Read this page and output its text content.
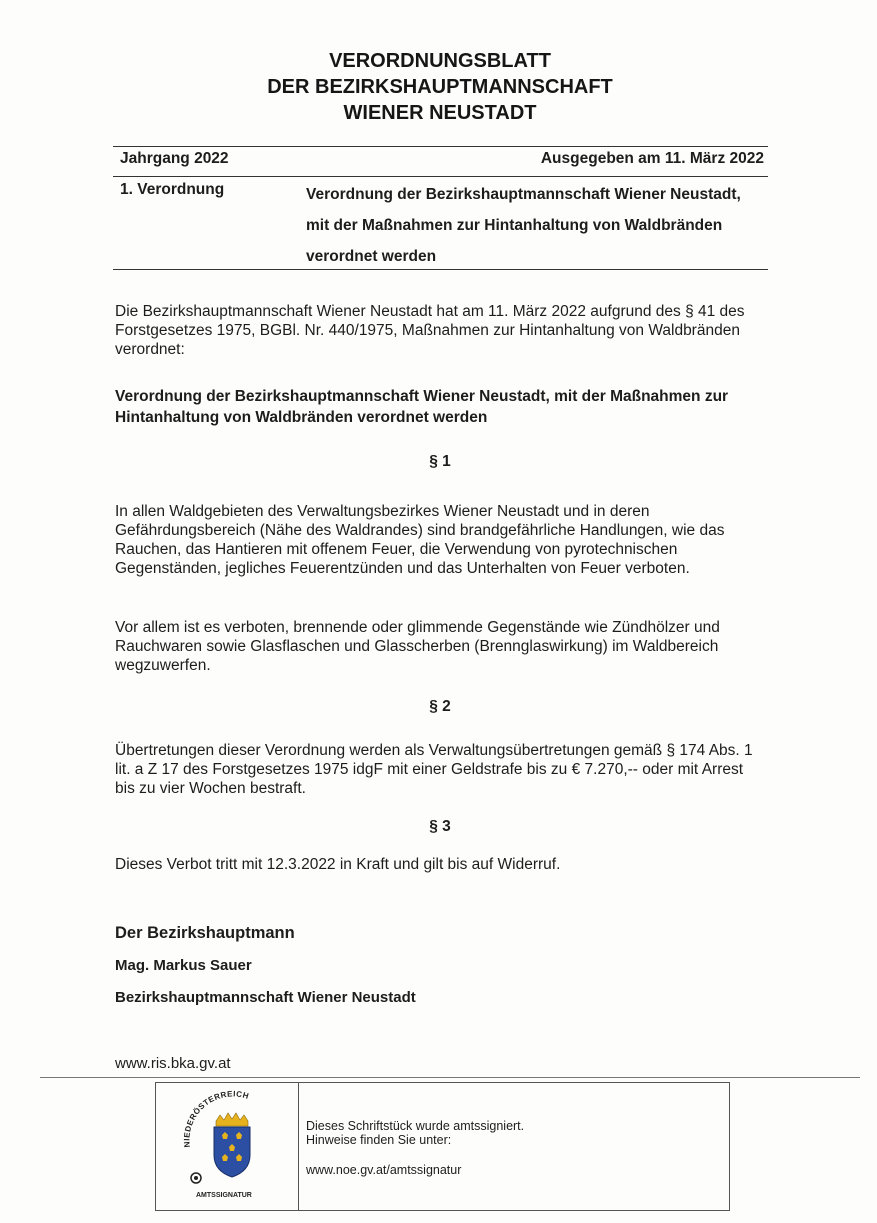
VERORDNUNGSBLATT
DER BEZIRKSHAUPTMANNSCHAFT
WIENER NEUSTADT
Jahrgang 2022	Ausgegeben am 11. März 2022
1. Verordnung	Verordnung der Bezirkshauptmannschaft Wiener Neustadt, mit der Maßnahmen zur Hintanhaltung von Waldbränden verordnet werden
Die Bezirkshauptmannschaft Wiener Neustadt hat am 11. März 2022 aufgrund des § 41 des Forstgesetzes 1975, BGBl. Nr. 440/1975, Maßnahmen zur Hintanhaltung von Waldbränden verordnet:
Verordnung der Bezirkshauptmannschaft Wiener Neustadt, mit der Maßnahmen zur Hintanhaltung von Waldbränden verordnet werden
§ 1
In allen Waldgebieten des Verwaltungsbezirkes Wiener Neustadt und in deren Gefährdungsbereich (Nähe des Waldrandes) sind brandgefährliche Handlungen, wie das Rauchen, das Hantieren mit offenem Feuer, die Verwendung von pyrotechnischen Gegenständen, jegliches Feuerentzünden und das Unterhalten von Feuer verboten.
Vor allem ist es verboten, brennende oder glimmende Gegenstände wie Zündhölzer und Rauchwaren sowie Glasflaschen und Glasscherben (Brennglaswirkung) im Waldbereich wegzuwerfen.
§ 2
Übertretungen dieser Verordnung werden als Verwaltungsübertretungen gemäß § 174 Abs. 1 lit. a Z 17 des Forstgesetzes 1975 idgF mit einer Geldstrafe bis zu € 7.270,-- oder mit Arrest bis zu vier Wochen bestraft.
§ 3
Dieses Verbot tritt mit 12.3.2022 in Kraft und gilt bis auf Widerruf.
Der Bezirkshauptmann
Mag. Markus Sauer
Bezirkshauptmannschaft Wiener Neustadt
www.ris.bka.gv.at
NIEDERÖSTERREICH
AMTSSIGNATUR
Dieses Schriftstück wurde amtssigniert.
Hinweise finden Sie unter:
www.noe.gv.at/amtssignatur
